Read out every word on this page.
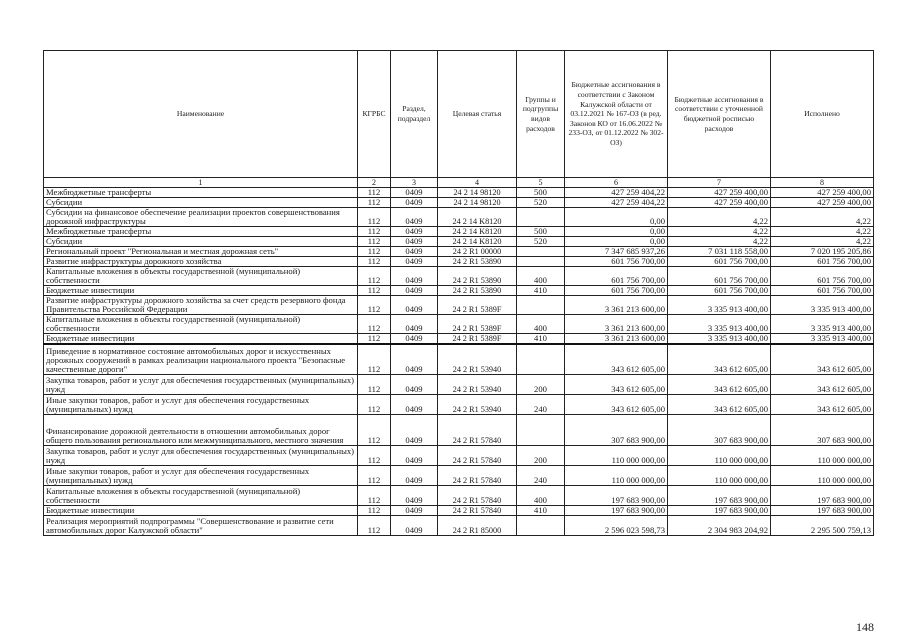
Наименование	КГРБС	Раздел, подраздел	Целевая статья	Группы и подгруппы видов расходов	Бюджетные ассигнования в соответствии с Законом Калужской области от 03.12.2021 № 167-ОЗ (в ред. Законов КО от 16.06.2022 № 233-ОЗ, от 01.12.2022 № 302-ОЗ)	Бюджетные ассигнования в соответствии с уточненной бюджетной росписью расходов	Исполнено
1	2	3	4	5	6	7	8
Межбюджетные трансферты	112	0409	24 2 14 98120	500	427 259 404,22	427 259 400,00	427 259 400,00
Субсидии	112	0409	24 2 14 98120	520	427 259 404,22	427 259 400,00	427 259 400,00
Субсидии на финансовое обеспечение реализации проектов совершенствования дорожной инфраструктуры	112	0409	24 2 14 K8120		0,00	4,22	4,22
Межбюджетные трансферты	112	0409	24 2 14 K8120	500	0,00	4,22	4,22
Субсидии	112	0409	24 2 14 K8120	520	0,00	4,22	4,22
Региональный проект "Региональная и местная дорожная сеть"	112	0409	24 2 R1 00000		7 347 685 937,26	7 031 118 558,00	7 020 195 205,86
Развитие инфраструктуры дорожного хозяйства	112	0409	24 2 R1 53890		601 756 700,00	601 756 700,00	601 756 700,00
Капитальные вложения в объекты государственной (муниципальной) собственности	112	0409	24 2 R1 53890	400	601 756 700,00	601 756 700,00	601 756 700,00
Бюджетные инвестиции	112	0409	24 2 R1 53890	410	601 756 700,00	601 756 700,00	601 756 700,00
Развитие инфраструктуры дорожного хозяйства за счет средств резервного фонда Правительства Российской Федерации	112	0409	24 2 R1 5389F		3 361 213 600,00	3 335 913 400,00	3 335 913 400,00
Капитальные вложения в объекты государственной (муниципальной) собственности	112	0409	24 2 R1 5389F	400	3 361 213 600,00	3 335 913 400,00	3 335 913 400,00
Бюджетные инвестиции	112	0409	24 2 R1 5389F	410	3 361 213 600,00	3 335 913 400,00	3 335 913 400,00
Приведение в нормативное состояние автомобильных дорог и искусственных дорожных сооружений в рамках реализации национального проекта "Безопасные качественные дороги"	112	0409	24 2 R1 53940		343 612 605,00	343 612 605,00	343 612 605,00
Закупка товаров, работ и услуг для обеспечения государственных (муниципальных) нужд	112	0409	24 2 R1 53940	200	343 612 605,00	343 612 605,00	343 612 605,00
Иные закупки товаров, работ и услуг для обеспечения государственных (муниципальных) нужд	112	0409	24 2 R1 53940	240	343 612 605,00	343 612 605,00	343 612 605,00
Финансирование дорожной деятельности в отношении автомобильных дорог общего пользования регионального или межмуниципального, местного значения	112	0409	24 2 R1 57840		307 683 900,00	307 683 900,00	307 683 900,00
Закупка товаров, работ и услуг для обеспечения государственных (муниципальных) нужд	112	0409	24 2 R1 57840	200	110 000 000,00	110 000 000,00	110 000 000,00
Иные закупки товаров, работ и услуг для обеспечения государственных (муниципальных) нужд	112	0409	24 2 R1 57840	240	110 000 000,00	110 000 000,00	110 000 000,00
Капитальные вложения в объекты государственной (муниципальной) собственности	112	0409	24 2 R1 57840	400	197 683 900,00	197 683 900,00	197 683 900,00
Бюджетные инвестиции	112	0409	24 2 R1 57840	410	197 683 900,00	197 683 900,00	197 683 900,00
Реализация мероприятий подпрограммы "Совершенствование и развитие сети автомобильных дорог Калужской области"	112	0409	24 2 R1 85000		2 596 023 598,73	2 304 983 204,92	2 295 500 759,13
148
